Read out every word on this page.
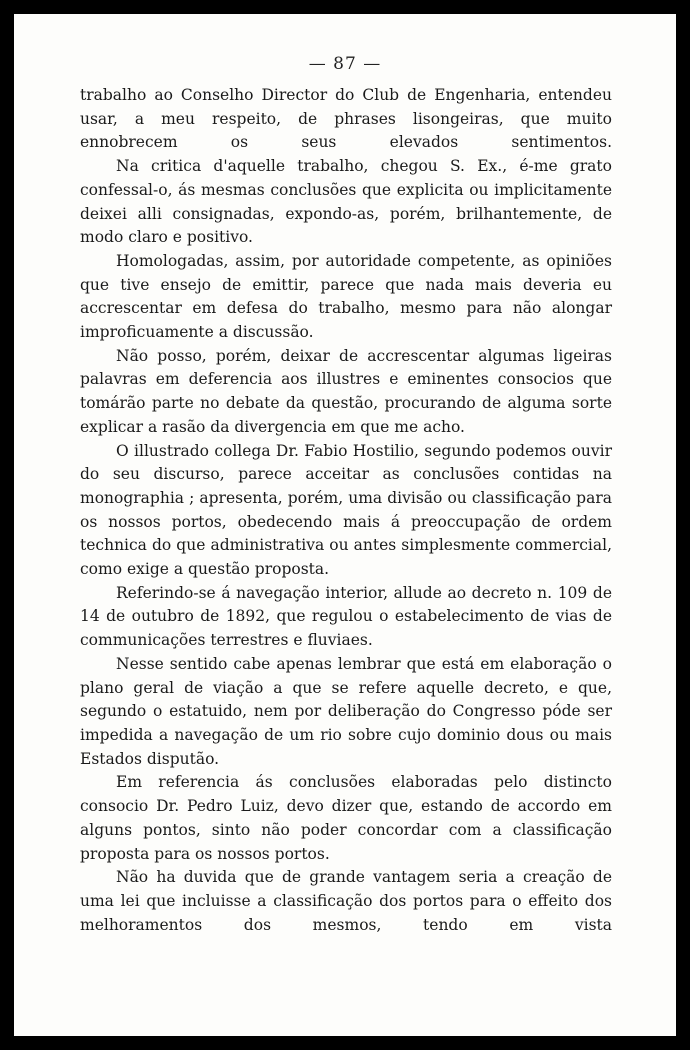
— 87 —

trabalho ao Conselho Director do Club de Engenharia, entendeu usar, a meu respeito, de phrases lisongeiras, que muito ennobrecem os seus elevados sentimentos.

Na critica d'aquelle trabalho, chegou S. Ex., é-me grato confessal-o, ás mesmas conclusões que explicita ou implicitamente deixei alli consignadas, expondo-as, porém, brilhantemente, de modo claro e positivo.

Homologadas, assim, por autoridade competente, as opiniões que tive ensejo de emittir, parece que nada mais deveria eu accrescentar em defesa do trabalho, mesmo para não alongar improficuamente a discussão.

Não posso, porém, deixar de accrescentar algumas ligeiras palavras em deferencia aos illustres e eminentes consocios que tomárão parte no debate da questão, procurando de alguma sorte explicar a rasão da divergencia em que me acho.

O illustrado collega Dr. Fabio Hostilio, segundo podemos ouvir do seu discurso, parece acceitar as conclusões contidas na monographia ; apresenta, porém, uma divisão ou classificação para os nossos portos, obedecendo mais á preoccupação de ordem technica do que administrativa ou antes simplesmente commercial, como exige a questão proposta.

Referindo-se á navegação interior, allude ao decreto n. 109 de 14 de outubro de 1892, que regulou o estabelecimento de vias de communicações terrestres e fluviaes.

Nesse sentido cabe apenas lembrar que está em elaboração o plano geral de viação a que se refere aquelle decreto, e que, segundo o estatuido, nem por deliberação do Congresso póde ser impedida a navegação de um rio sobre cujo dominio dous ou mais Estados disputão.

Em referencia ás conclusões elaboradas pelo distincto consocio Dr. Pedro Luiz, devo dizer que, estando de accordo em alguns pontos, sinto não poder concordar com a classificação proposta para os nossos portos.

Não ha duvida que de grande vantagem seria a creação de uma lei que incluisse a classificação dos portos para o effeito dos melhoramentos dos mesmos, tendo em vista
